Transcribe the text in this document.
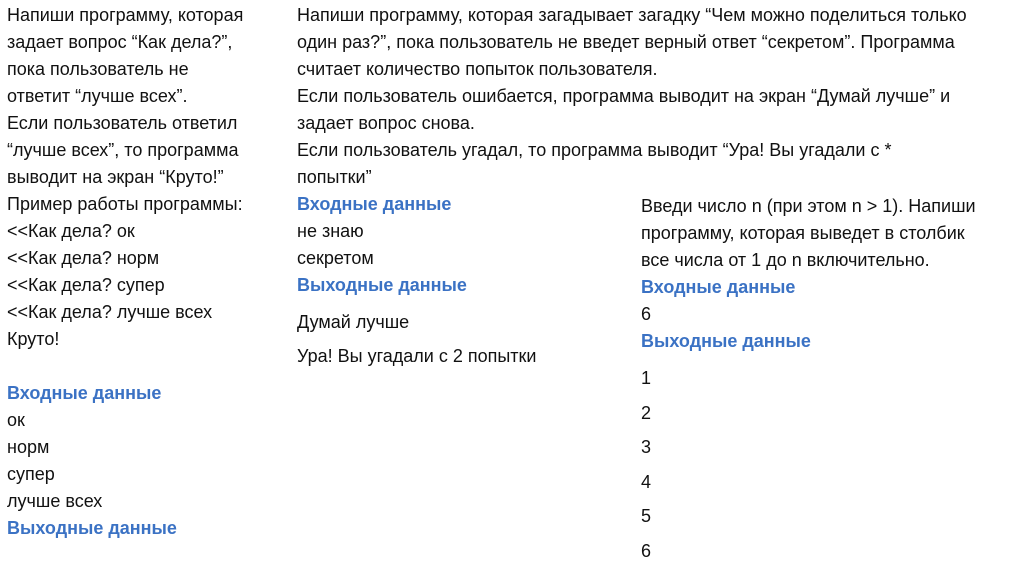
Напиши программу, которая
задает вопрос “Как дела?”,
пока пользователь не
ответит “лучше всех”.
Если пользователь ответил
“лучше всех”, то программа
выводит на экран “Круто!”
Пример работы программы:
<<Как дела? ок
<<Как дела? норм
<<Как дела? супер
<<Как дела? лучше всех
Круто!
Входные данные
ок
норм
супер
лучше всех
Выходные данные
Напиши программу, которая загадывает загадку “Чем можно поделиться только
один раз?”, пока пользователь не введет верный ответ “секретом”. Программа
считает количество попыток пользователя.
Если пользователь ошибается, программа выводит на экран “Думай лучше” и
задает вопрос снова.
Если пользователь угадал, то программа выводит “Ура! Вы угадали с *
попытки”
Входные данные
не знаю
секретом
Выходные данные
Думай лучше
Ура! Вы угадали с 2 попытки
Введи число n (при этом n > 1). Напиши
программу, которая выведет в столбик
все числа от 1 до n включительно.
Входные данные
6
Выходные данные
1
2
3
4
5
6
